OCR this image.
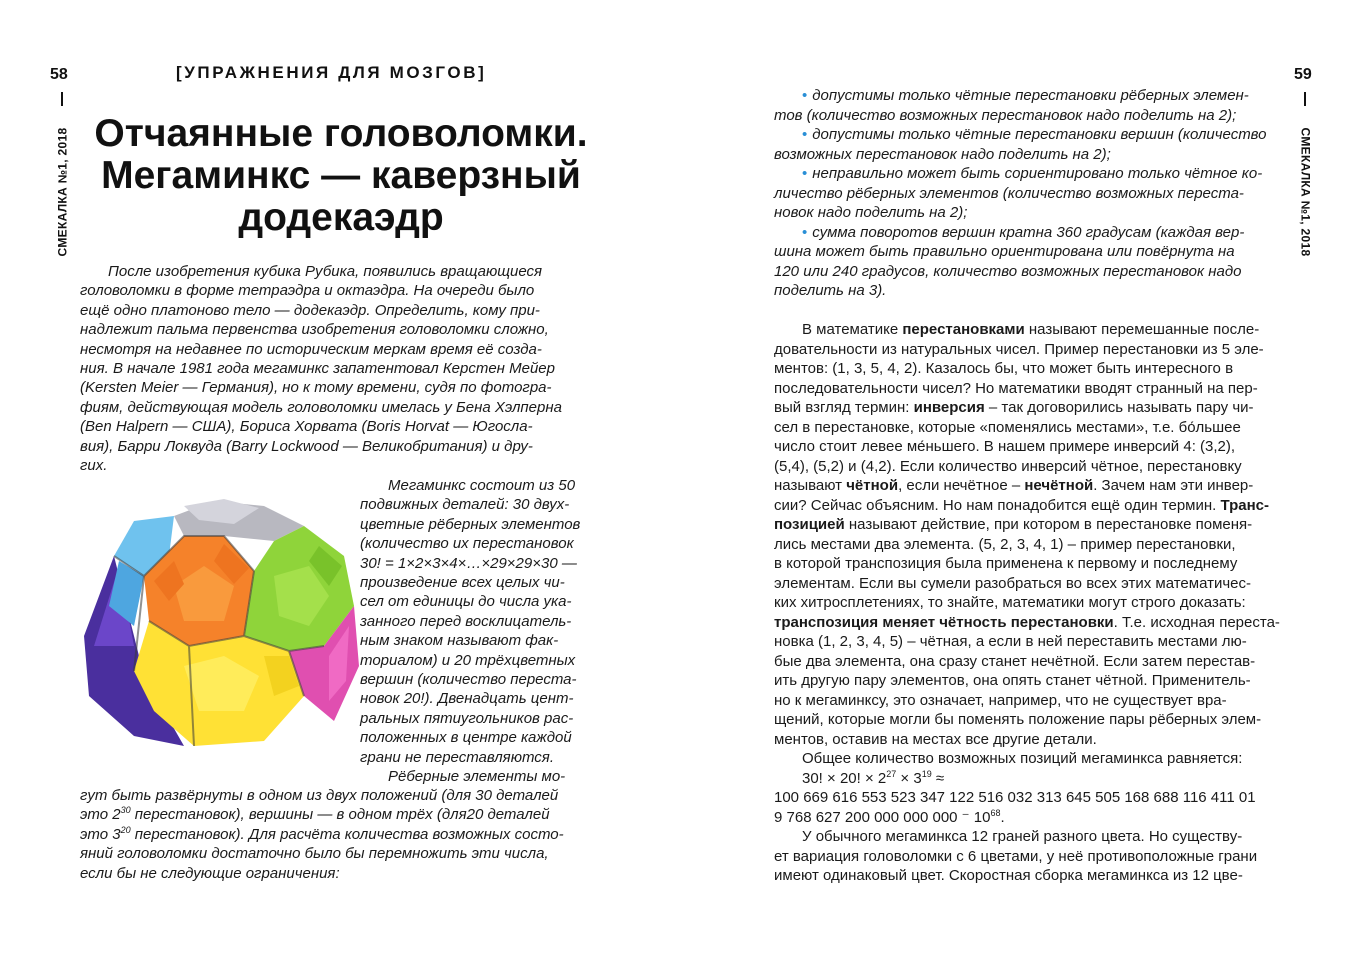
58
СМЕКАЛКА №1, 2018
[УПРАЖНЕНИЯ ДЛЯ МОЗГОВ]
Отчаянные головоломки.
Мегаминкс — каверзный
додекаэдр

После изобретения кубика Рубика, появились вращающиеся

головоломки в форме тетраэдра и октаэдра. На очереди было

ещё одно платоново тело — додекаэдр. Определить, кому при-

надлежит пальма первенства изобретения головоломки сложно,

несмотря на недавнее по историческим меркам время её созда-

ния. В начале 1981 года мегаминкс запатентовал Керстен Мейер

(Kersten Meier — Германия), но к тому времени, судя по фотогра-

фиям, действующая модель головоломки имелась у Бена Хэлперна

(Ben Halpern — США), Бориса Хорвата (Boris Horvat — Югосла-

вия), Барри Локвуда (Barry Lockwood — Великобритания) и дру-

гих.

Мегаминкс состоит из 50

подвижных деталей: 30 двух-

цветные рёберных элементов

(количество их перестановок

30! = 1×2×3×4×…×29×29×30 —

произведение всех целых чи-

сел от единицы до числа ука-

занного перед восклицатель-

ным знаком называют фак-

ториалом) и 20 трёхцветных

вершин (количество переста-

новок 20!). Двенадцать цент-

ральных пятиугольников рас-

положенных в центре каждой

грани не переставляются.

Рёберные элементы мо-

гут быть развёрнуты в одном из двух положений (для 30 деталей

это $2^{30}$ перестановок), вершины — в одном трёх (для20 деталей

это $3^{20}$ перестановок). Для расчёта количества возможных состо-

яний головоломки достаточно было бы перемножить эти числа,

если бы не следующие ограничения:

59
СМЕКАЛКА №1, 2018
• допустимы только чётные перестановки рёберных элемен-
тов (количество возможных перестановок надо поделить на 2);
• допустимы только чётные перестановки вершин (количество
возможных перестановок надо поделить на 2);
• неправильно может быть сориентировано только чётное ко-
личество рёберных элементов (количество возможных переста-
новок надо поделить на 2);
• сумма поворотов вершин кратна 360 градусам (каждая вер-
шина может быть правильно ориентирована или повёрнута на
120 или 240 градусов, количество возможных перестановок надо
поделить на 3).

В математике перестановками называют перемешанные после-

довательности из натуральных чисел. Пример перестановки из 5 эле-

ментов: (1, 3, 5, 4, 2). Казалось бы, что может быть интересного в

последовательности чисел? Но математики вводят странный на пер-

вый взгляд термин: инверсия – так договорились называть пару чи-

сел в перестановке, которые «поменялись местами», т.е. бо́льшее

число стоит левее ме́ньшего. В нашем примере инверсий 4: (3,2),

(5,4), (5,2) и (4,2). Если количество инверсий чётное, перестановку

называют чётной, если нечётное – нечётной. Зачем нам эти инвер-

сии? Сейчас объясним. Но нам понадобится ещё один термин. Транс-

позицией называют действие, при котором в перестановке поменя-

лись местами два элемента. (5, 2, 3, 4, 1) – пример перестановки,

в которой транспозиция была применена к первому и последнему

элементам. Если вы сумели разобраться во всех этих математичес-

ких хитросплетениях, то знайте, математики могут строго доказать:

транспозиция меняет чётность перестановки. Т.е. исходная переста-

новка (1, 2, 3, 4, 5) – чётная, а если в ней переставить местами лю-

бые два элемента, она сразу станет нечётной. Если затем перестав-

ить другую пару элементов, она опять станет чётной. Применитель-

но к мегаминксу, это означает, например, что не существует вра-

щений, которые могли бы поменять положение пары рёберных элем-

ментов, оставив на местах все другие детали.

Общее количество возможных позиций мегаминкса равняется:

30! × 20! × $2^{27} \times 3^{19}$ ≈

100 669 616 553 523 347 122 516 032 313 645 505 168 688 116 411 01

9 768 627 200 000 000 000 ⁻ $10^{68}$.

У обычного мегаминкса 12 граней разного цвета. Но существу-

ет вариация головоломки с 6 цветами, у неё противоположные грани

имеют одинаковый цвет. Скоростная сборка мегаминкса из 12 цве-
